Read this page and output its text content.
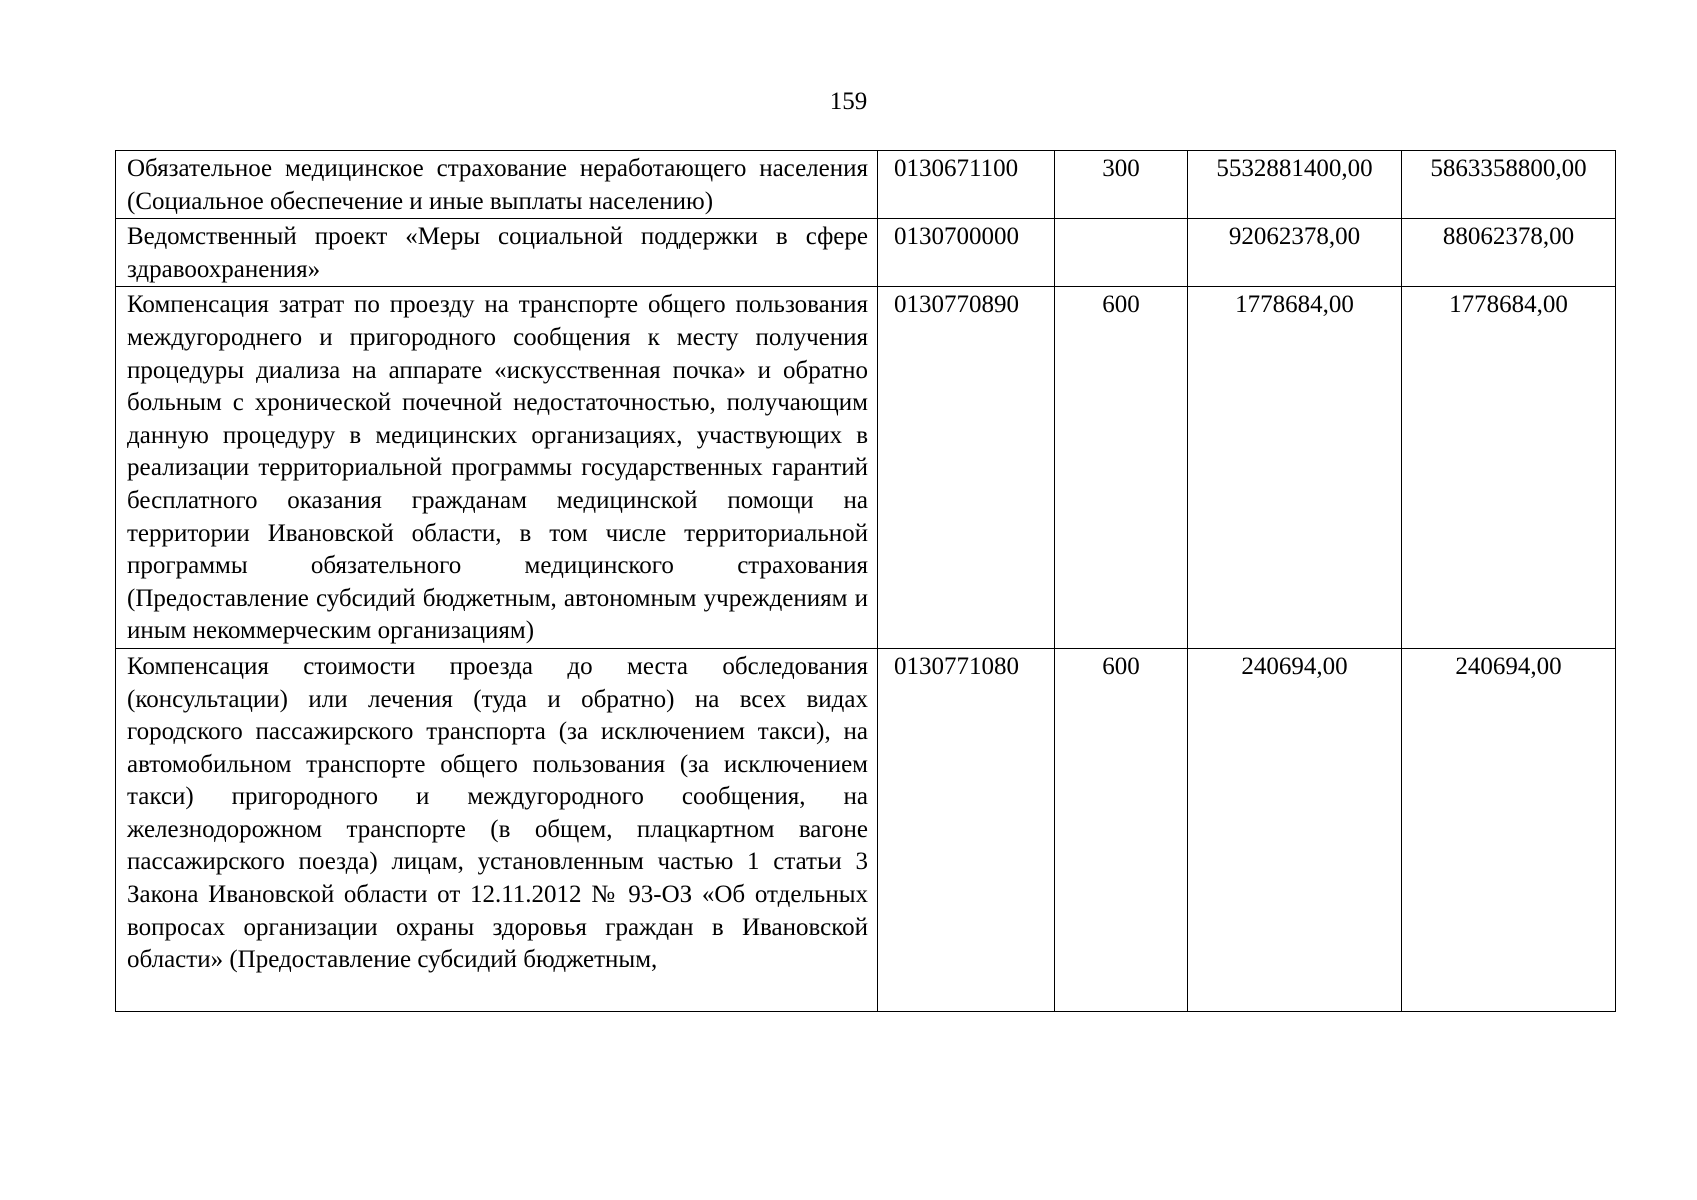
159
Обязательное медицинское страхование неработающего населения (Социальное обеспечение и иные выплаты населению)	0130671100	300	5532881400,00	5863358800,00
Ведомственный проект «Меры социальной поддержки в сфере здравоохранения»	0130700000		92062378,00	88062378,00
Компенсация затрат по проезду на транспорте общего пользования междугороднего и пригородного сообщения к месту получения процедуры диализа на аппарате «искусственная почка» и обратно больным с хронической почечной недостаточностью, получающим данную процедуру в медицинских организациях, участвующих в реализации территориальной программы государственных гарантий бесплатного оказания гражданам медицинской помощи на территории Ивановской области, в том числе территориальной программы обязательного медицинского страхования (Предоставление субсидий бюджетным, автономным учреждениям и иным некоммерческим организациям)	0130770890	600	1778684,00	1778684,00
Компенсация стоимости проезда до места обследования (консультации) или лечения (туда и обратно) на всех видах городского пассажирского транспорта (за исключением такси), на автомобильном транспорте общего пользования (за исключением такси) пригородного и междугородного сообщения, на железнодорожном транспорте (в общем, плацкартном вагоне пассажирского поезда) лицам, установленным частью 1 статьи 3 Закона Ивановской области от 12.11.2012 № 93-ОЗ «Об отдельных вопросах организации охраны здоровья граждан в Ивановской области» (Предоставление субсидий бюджетным,	0130771080	600	240694,00	240694,00
